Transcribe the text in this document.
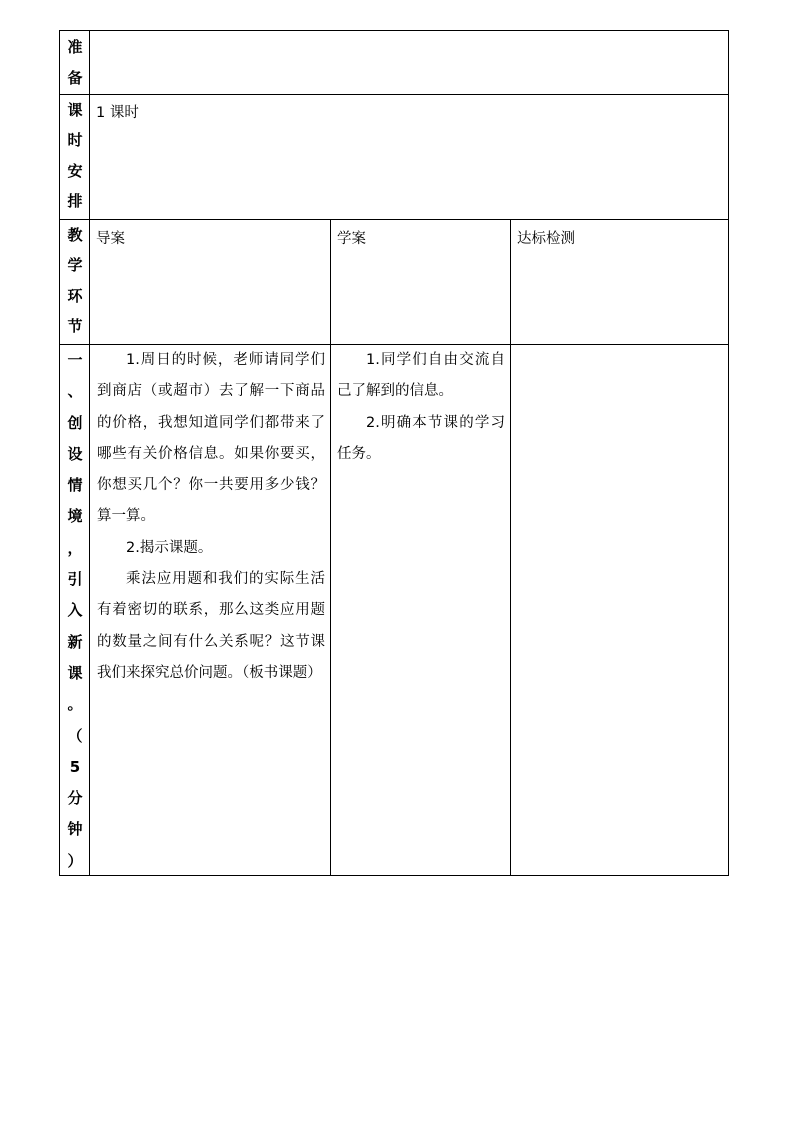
准
备
课
时
安
排
1 课时
教
学
环
节
导案	学案	达标检测
一
、
创
设
情
境
，
引
入
新
课
。
（
5
分
钟
）

1.周日的时候，老师请同学们到商店（或超市）去了解一下商品的价格，我想知道同学们都带来了哪些有关价格信息。如果你要买，你想买几个？你一共要用多少钱？算一算。

2.揭示课题。

乘法应用题和我们的实际生活有着密切的联系，那么这类应用题的数量之间有什么关系呢？这节课我们来探究总价问题。（板书课题）

1.同学们自由交流自己了解到的信息。

2.明确本节课的学习任务。
